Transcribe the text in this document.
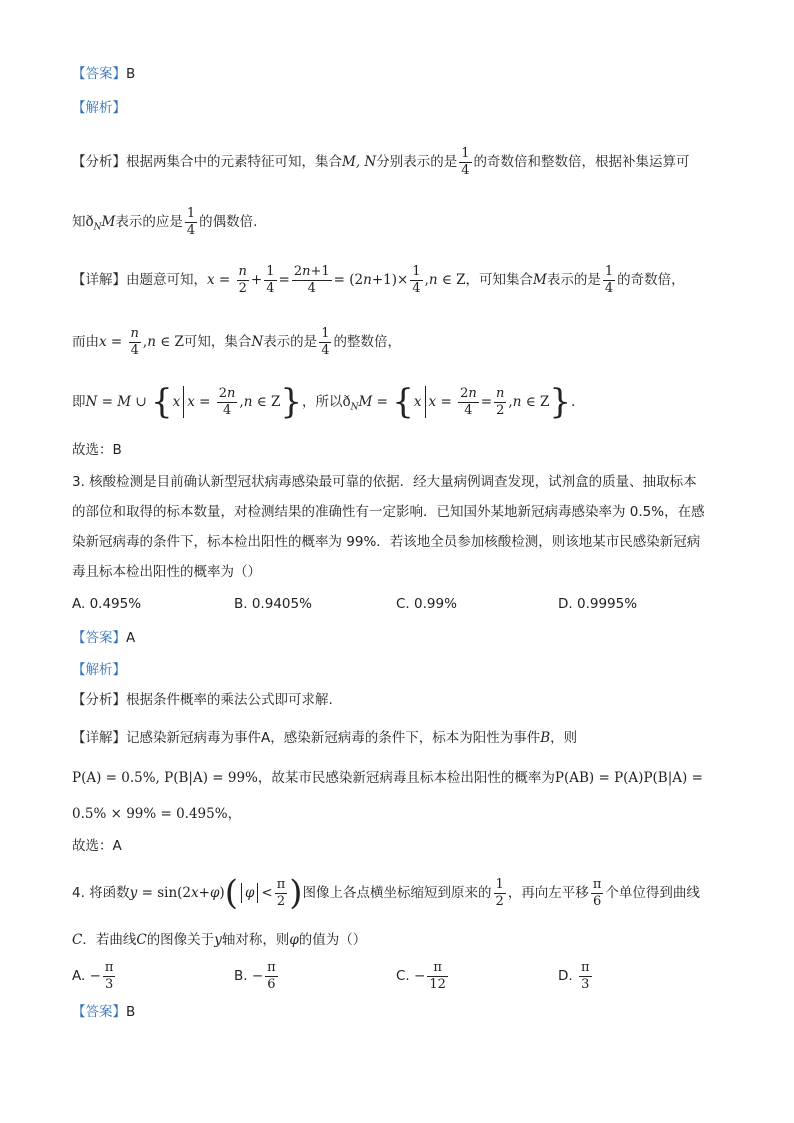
【答案】B
【解析】
【分析】根据两集合中的元素特征可知，集合M, N分别表示的是 $\frac{1}{4}$ 的奇数倍和整数倍，根据补集运算可
知$ð_NM$表示的应是 $\frac{1}{4}$ 的偶数倍.
【详解】由题意可知，$x = \frac{n}{2} + \frac{1}{4} = \frac{2n+1}{4} = (2n+1)\times \frac{1}{4} ,n$ ∈ Z，可知集合M表示的是 $\frac{1}{4}$ 的奇数倍，
而由$x = \frac{n}{4} ,n$ ∈ Z可知，集合N表示的是 $\frac{1}{4}$ 的整数倍，
即N = M ∪ {x $x = \frac{2n}{4} ,n$ ∈ Z}，所以$ð_NM = \{x$ $x = \frac{2n}{4} = \frac{n}{2} ,n$ ∈ Z}.
故选：B
3. 核酸检测是目前确认新型冠状病毒感染最可靠的依据．经大量病例调查发现，试剂盒的质量、抽取标本
的部位和取得的标本数量，对检测结果的准确性有一定影响．已知国外某地新冠病毒感染率为 0.5%，在感
染新冠病毒的条件下，标本检出阳性的概率为 99%．若该地全员参加核酸检测，则该地某市民感染新冠病
毒且标本检出阳性的概率为（）
A. 0.495%	B. 0.9405%	C. 0.99%	D. 0.9995%
【答案】A
【解析】
【分析】根据条件概率的乘法公式即可求解.
【详解】记感染新冠病毒为事件A，感染新冠病毒的条件下，标本为阳性为事件B，则
P(A) = 0.5%, P(B|A) = 99%，故某市民感染新冠病毒且标本检出阳性的概率为P(AB) = P(A)P(B|A) =
0.5% × 99% = 0.495%，
故选：A
4. 将函数y = sin(2x+φ)( $\varphi < \frac{\pi}{2}$ )图像上各点横坐标缩短到原来的 $\frac{1}{2}$ ，再向左平移 $\frac{\pi}{6}$ 个单位得到曲线
C．若曲线C的图像关于y轴对称，则φ的值为（）
A. − $\frac{\pi}{3}$	B. − $\frac{\pi}{6}$	C. − $\frac{\pi}{12}$	D. $\frac{\pi}{3}$
【答案】B
